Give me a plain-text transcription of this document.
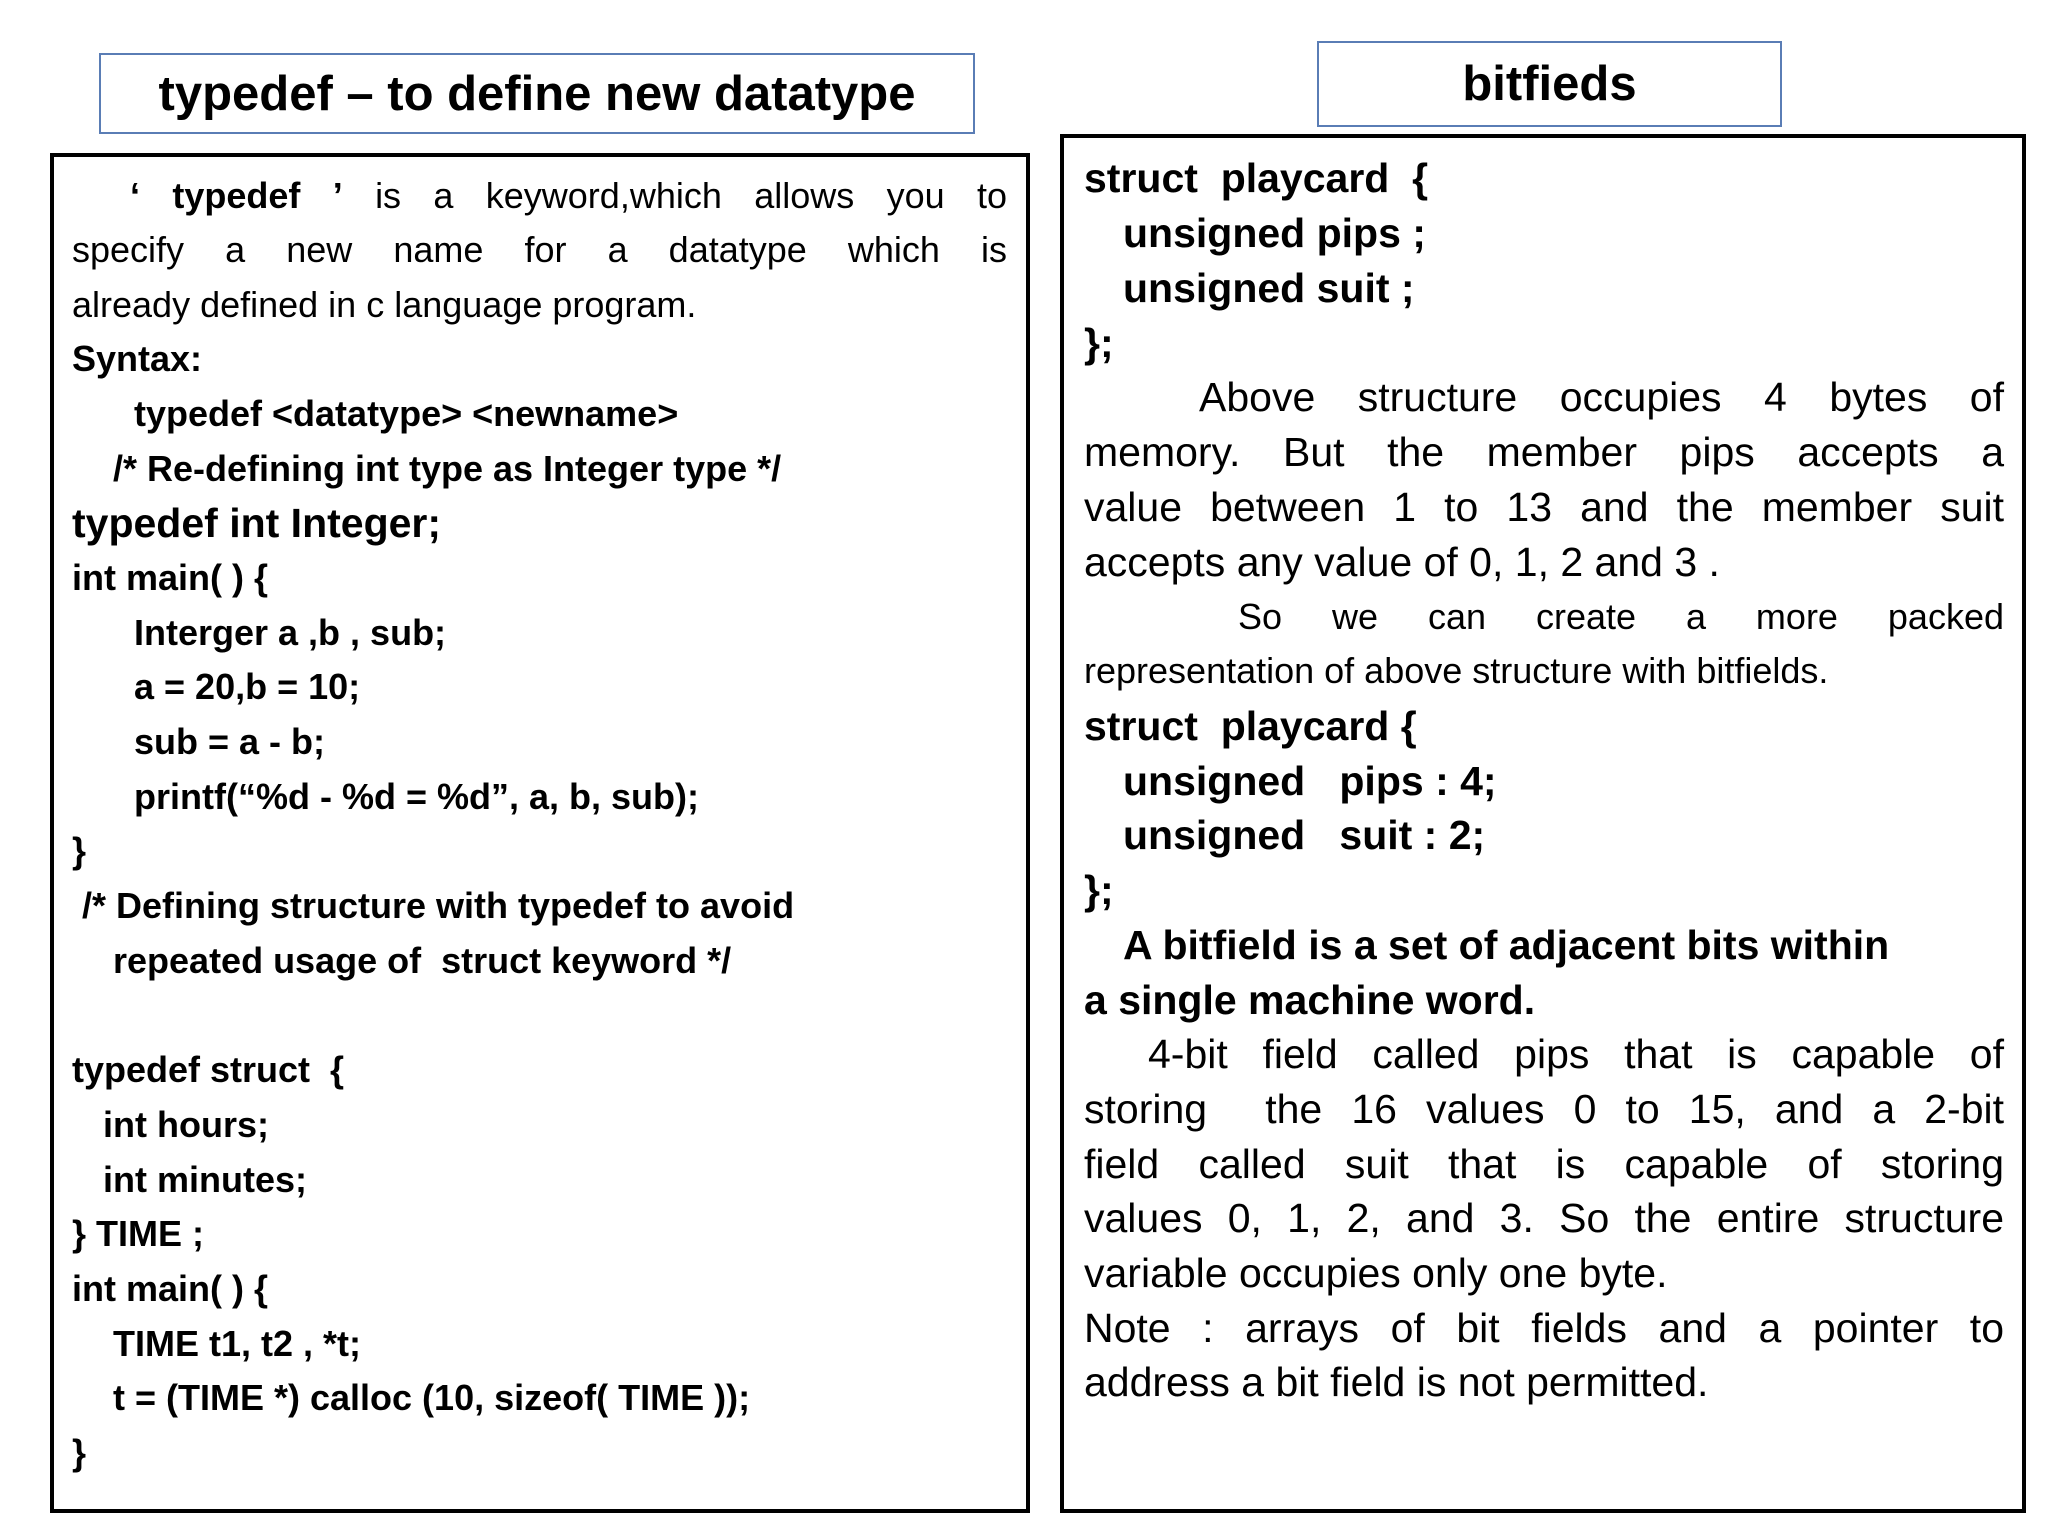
typedef – to define new datatype	bitfieds
‘ typedef ’ is a keyword,which allows you to
specify a new name for a datatype which is
already defined in c language program.
Syntax:
typedef <datatype> <newname>
/* Re-defining int type as Integer type */
typedef int Integer;
int main( ) {
Interger a ,b , sub;
a = 20,b = 10;
sub = a - b;
printf(“%d - %d = %d”, a, b, sub);
}
/* Defining structure with typedef to avoid
repeated usage of  struct keyword */
typedef struct  {
int hours;
int minutes;
} TIME ;
int main( ) {
TIME t1, t2 , *t;
t = (TIME *) calloc (10, sizeof( TIME ));
}
struct  playcard  {
unsigned pips ;
unsigned suit ;
};
Above structure occupies 4 bytes of
memory. But the member pips accepts a
value between 1 to 13 and the member suit
accepts any value of 0, 1, 2 and 3 .
So we can create a more packed
representation of above structure with bitfields.
struct  playcard {
unsigned   pips : 4;
unsigned   suit : 2;
};
A bitfield is a set of adjacent bits within
a single machine word.
4-bit field called pips that is capable of
storing  the 16 values 0 to 15, and a 2-bit
field called suit that is capable of storing
values 0, 1, 2, and 3. So the entire structure
variable occupies only one byte.
Note : arrays of bit fields and a pointer to
address a bit field is not permitted.
